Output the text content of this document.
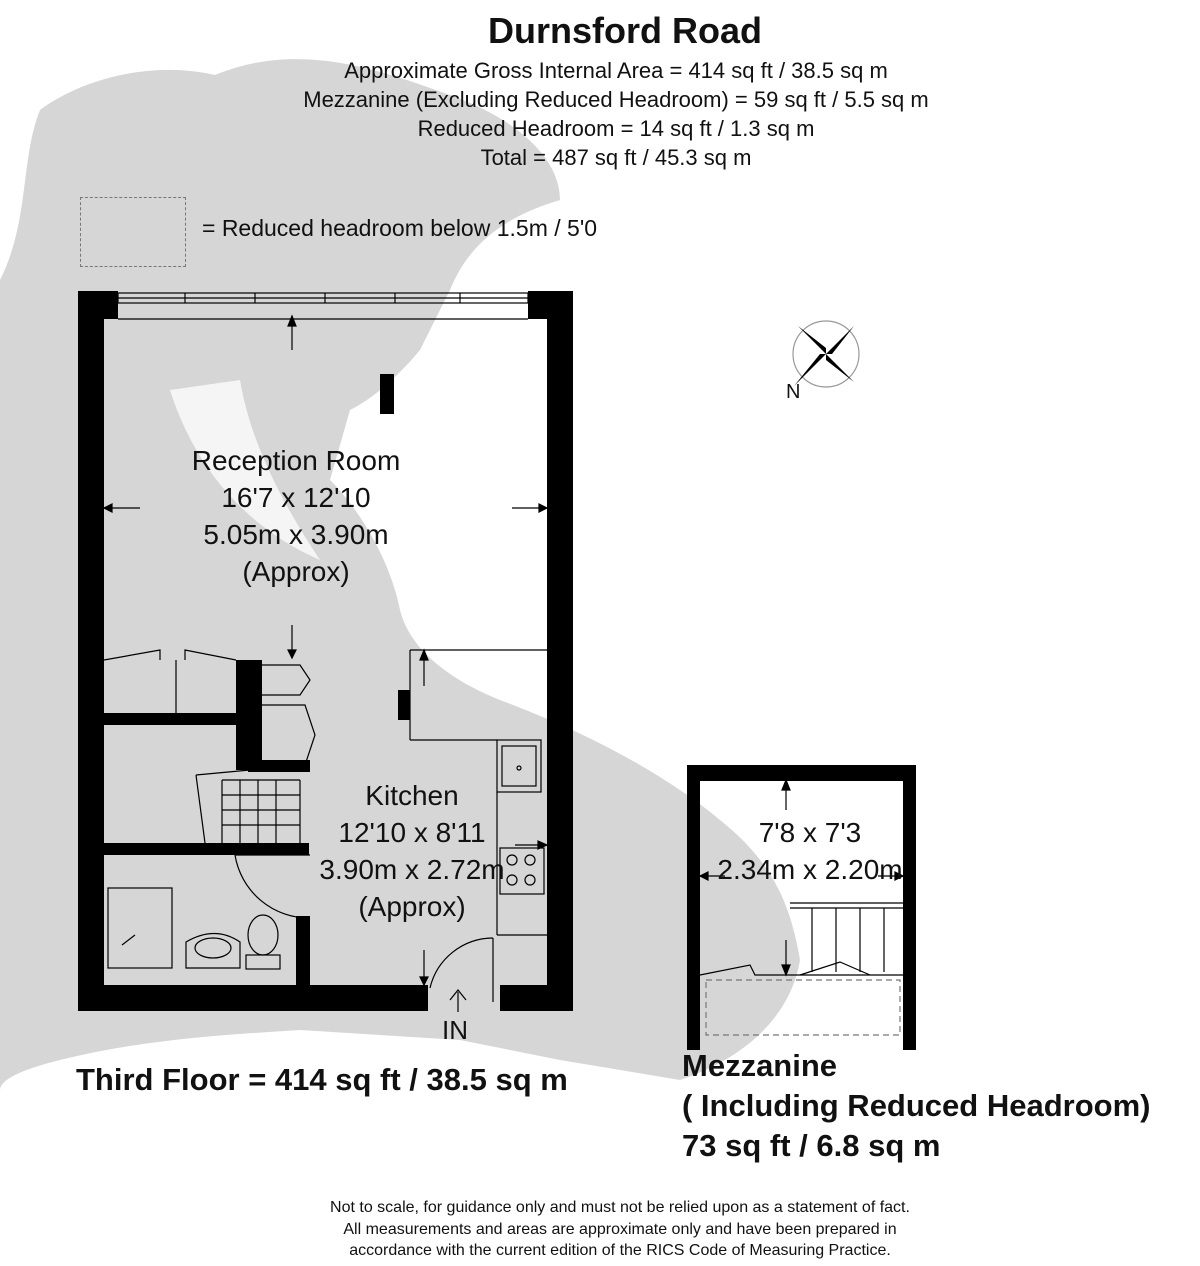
Durnsford Road
Approximate Gross Internal Area = 414 sq ft / 38.5 sq m
Mezzanine (Excluding Reduced Headroom) = 59 sq ft / 5.5 sq m
Reduced Headroom = 14 sq ft / 1.3 sq m
Total = 487 sq ft / 45.3 sq m
= Reduced headroom below 1.5m / 5'0
Reception Room
16'7 x 12'10
5.05m x 3.90m
(Approx)
Kitchen
12'10 x 8'11
3.90m x 2.72m
(Approx)
7'8 x 7'3
2.34m x 2.20m
IN
N
Third Floor = 414 sq ft / 38.5 sq m	Mezzanine
( Including Reduced Headroom)
73 sq ft / 6.8 sq m
Not to scale, for guidance only and must not be relied upon as a statement of fact.
All measurements and areas are approximate only and have been prepared in
accordance with the current edition of the RICS Code of Measuring Practice.
